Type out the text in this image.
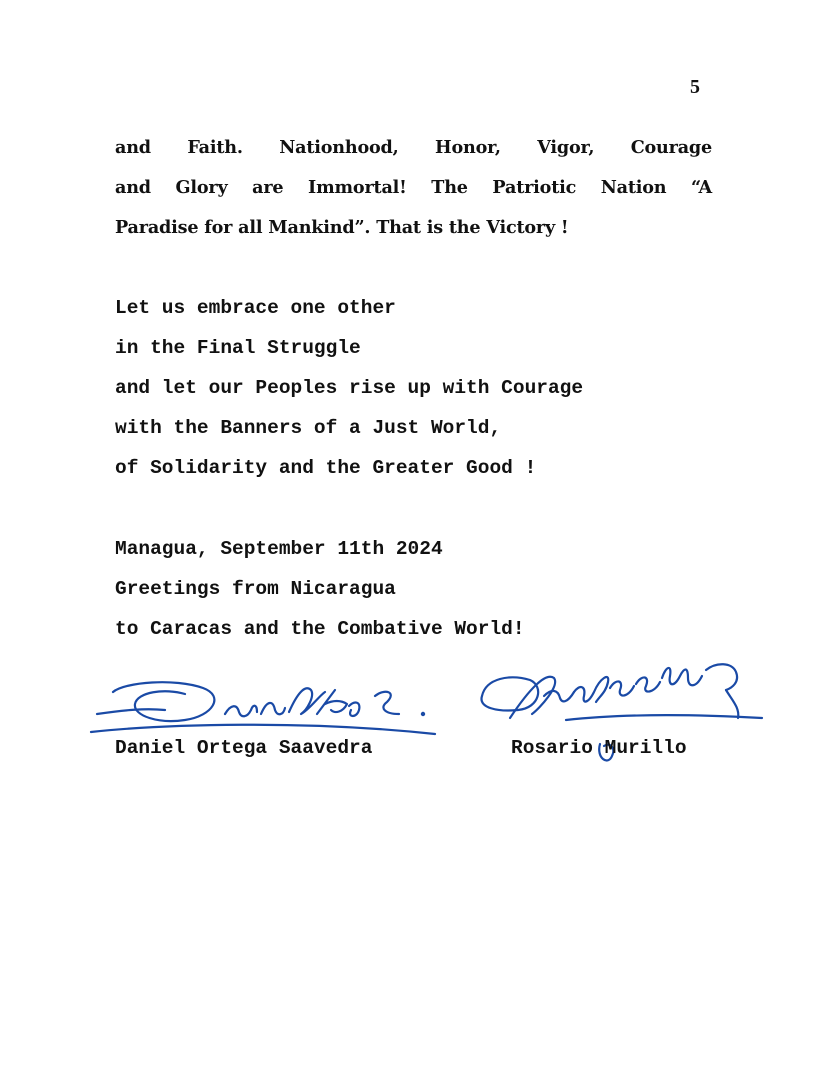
5
and Faith. Nationhood, Honor, Vigor, Courage
and Glory are Immortal! The Patriotic Nation “A
Paradise for all Mankind”. That is the Victory !
Let us embrace one other
in the Final Struggle
and let our Peoples rise up with Courage
with the Banners of a Just World,
of Solidarity and the Greater Good !
Managua, September 11th 2024
Greetings from Nicaragua
to Caracas and the Combative World!
Daniel Ortega Saavedra	Rosario Murillo
